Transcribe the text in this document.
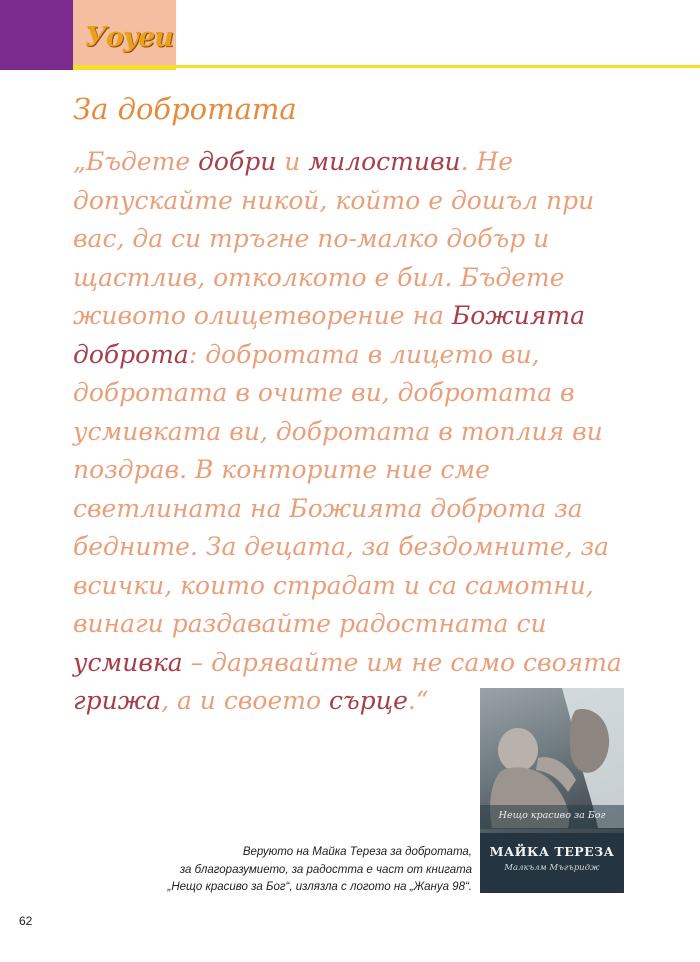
Уоуеи
За добротата

„Бъдете добри и милостиви. Не допускайте никой, който е дошъл при вас, да си тръгне по-малко добър и щастлив, отколкото е бил. Бъдете живото олицетворение на Божията доброта: добротата в лицето ви, добротата в очите ви, добротата в усмивката ви, добротата в топлия ви поздрав. В конторите ние сме светлината на Божията доброта за бедните. За децата, за бездомните, за всички, които страдат и са самотни, винаги раздавайте радостната си усмивка – дарявайте им не само своята грижа, а и своето сърце.“

Нещо красиво за Бог
МАЙКА ТЕРЕЗА
Малкълм Мъгъридж
Веруюто на Майка Тереза за добротата,
за благоразумието, за радостта е част от книгата
„Нещо красиво за Бог“, излязла с логото на „Жануа 98“.
62
